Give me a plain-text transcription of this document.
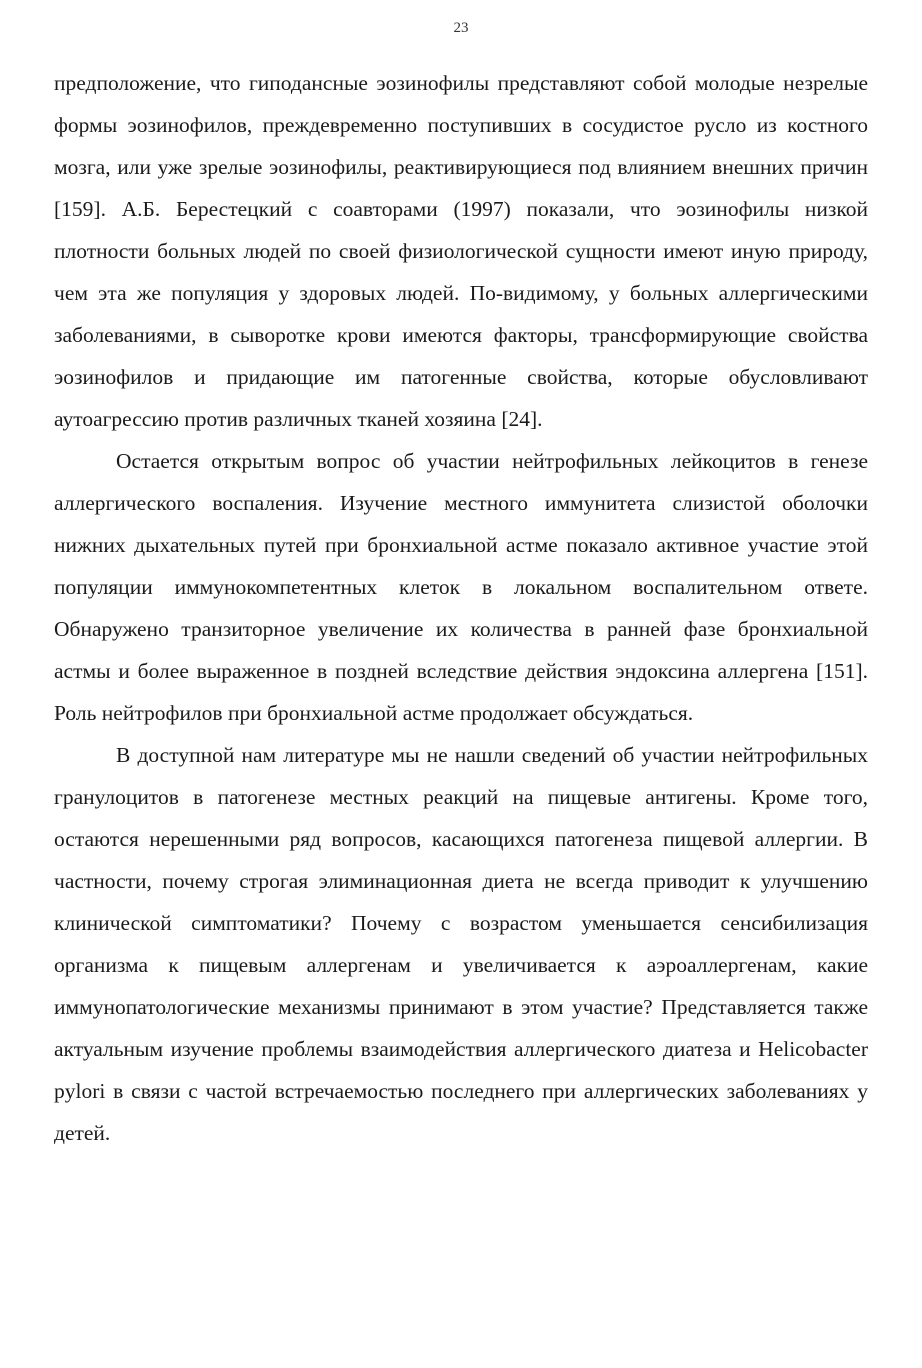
23

предположение, что гиподансные эозинофилы представляют собой молодые незрелые формы эозинофилов, преждевременно поступивших в сосудистое русло из костного мозга, или уже зрелые эозинофилы, реактивирующиеся под влиянием внешних причин [159]. А.Б. Берестецкий с соавторами (1997) показали, что эозинофилы низкой плотности больных людей по своей физиологической сущности имеют иную природу, чем эта же популяция у здоровых людей. По-видимому, у больных аллергическими заболеваниями, в сыворотке крови имеются факторы, трансформирующие свойства эозинофилов и придающие им патогенные свойства, которые обусловливают аутоагрессию против различных тканей хозяина [24].

Остается открытым вопрос об участии нейтрофильных лейкоцитов в генезе аллергического воспаления. Изучение местного иммунитета слизистой оболочки нижних дыхательных путей при бронхиальной астме показало активное участие этой популяции иммунокомпетентных клеток в локальном воспалительном ответе. Обнаружено транзиторное увеличение их количества в ранней фазе бронхиальной астмы и более выраженное в поздней вследствие действия эндоксина аллергена [151]. Роль нейтрофилов при бронхиальной астме продолжает обсуждаться.

В доступной нам литературе мы не нашли сведений об участии нейтрофильных гранулоцитов в патогенезе местных реакций на пищевые антигены. Кроме того, остаются нерешенными ряд вопросов, касающихся патогенеза пищевой аллергии. В частности, почему строгая элиминационная диета не всегда приводит к улучшению клинической симптоматики? Почему с возрастом уменьшается сенсибилизация организма к пищевым аллергенам и увеличивается к аэроаллергенам, какие иммунопатологические механизмы принимают в этом участие? Представляется также актуальным изучение проблемы взаимодействия аллергического диатеза и Helicobacter pylori в связи с частой встречаемостью последнего при аллергических заболеваниях у детей.
